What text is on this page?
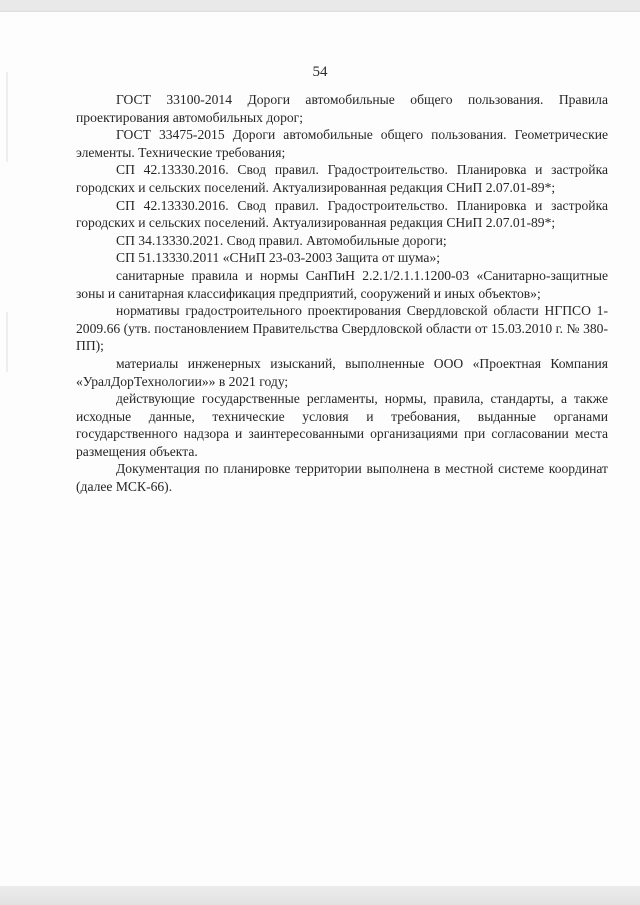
54

ГОСТ 33100-2014 Дороги автомобильные общего пользования. Правила проектирования автомобильных дорог;

ГОСТ 33475-2015 Дороги автомобильные общего пользования. Геометрические элементы. Технические требования;

СП 42.13330.2016. Свод правил. Градостроительство. Планировка и застройка городских и сельских поселений. Актуализированная редакция СНиП 2.07.01-89*;

СП 42.13330.2016. Свод правил. Градостроительство. Планировка и застройка городских и сельских поселений. Актуализированная редакция СНиП 2.07.01-89*;

СП 34.13330.2021. Свод правил. Автомобильные дороги;

СП 51.13330.2011 «СНиП 23-03-2003 Защита от шума»;

санитарные правила и нормы СанПиН 2.2.1/2.1.1.1200-03 «Санитарно-защитные зоны и санитарная классификация предприятий, сооружений и иных объектов»;

нормативы градостроительного проектирования Свердловской области НГПСО 1-2009.66 (утв. постановлением Правительства Свердловской области от 15.03.2010 г. № 380-ПП);

материалы инженерных изысканий, выполненные ООО «Проектная Компания «УралДорТехнологии»» в 2021 году;

действующие государственные регламенты, нормы, правила, стандарты, а также исходные данные, технические условия и требования, выданные органами государственного надзора и заинтересованными организациями при согласовании места размещения объекта.

Документация по планировке территории выполнена в местной системе координат (далее МСК-66).
